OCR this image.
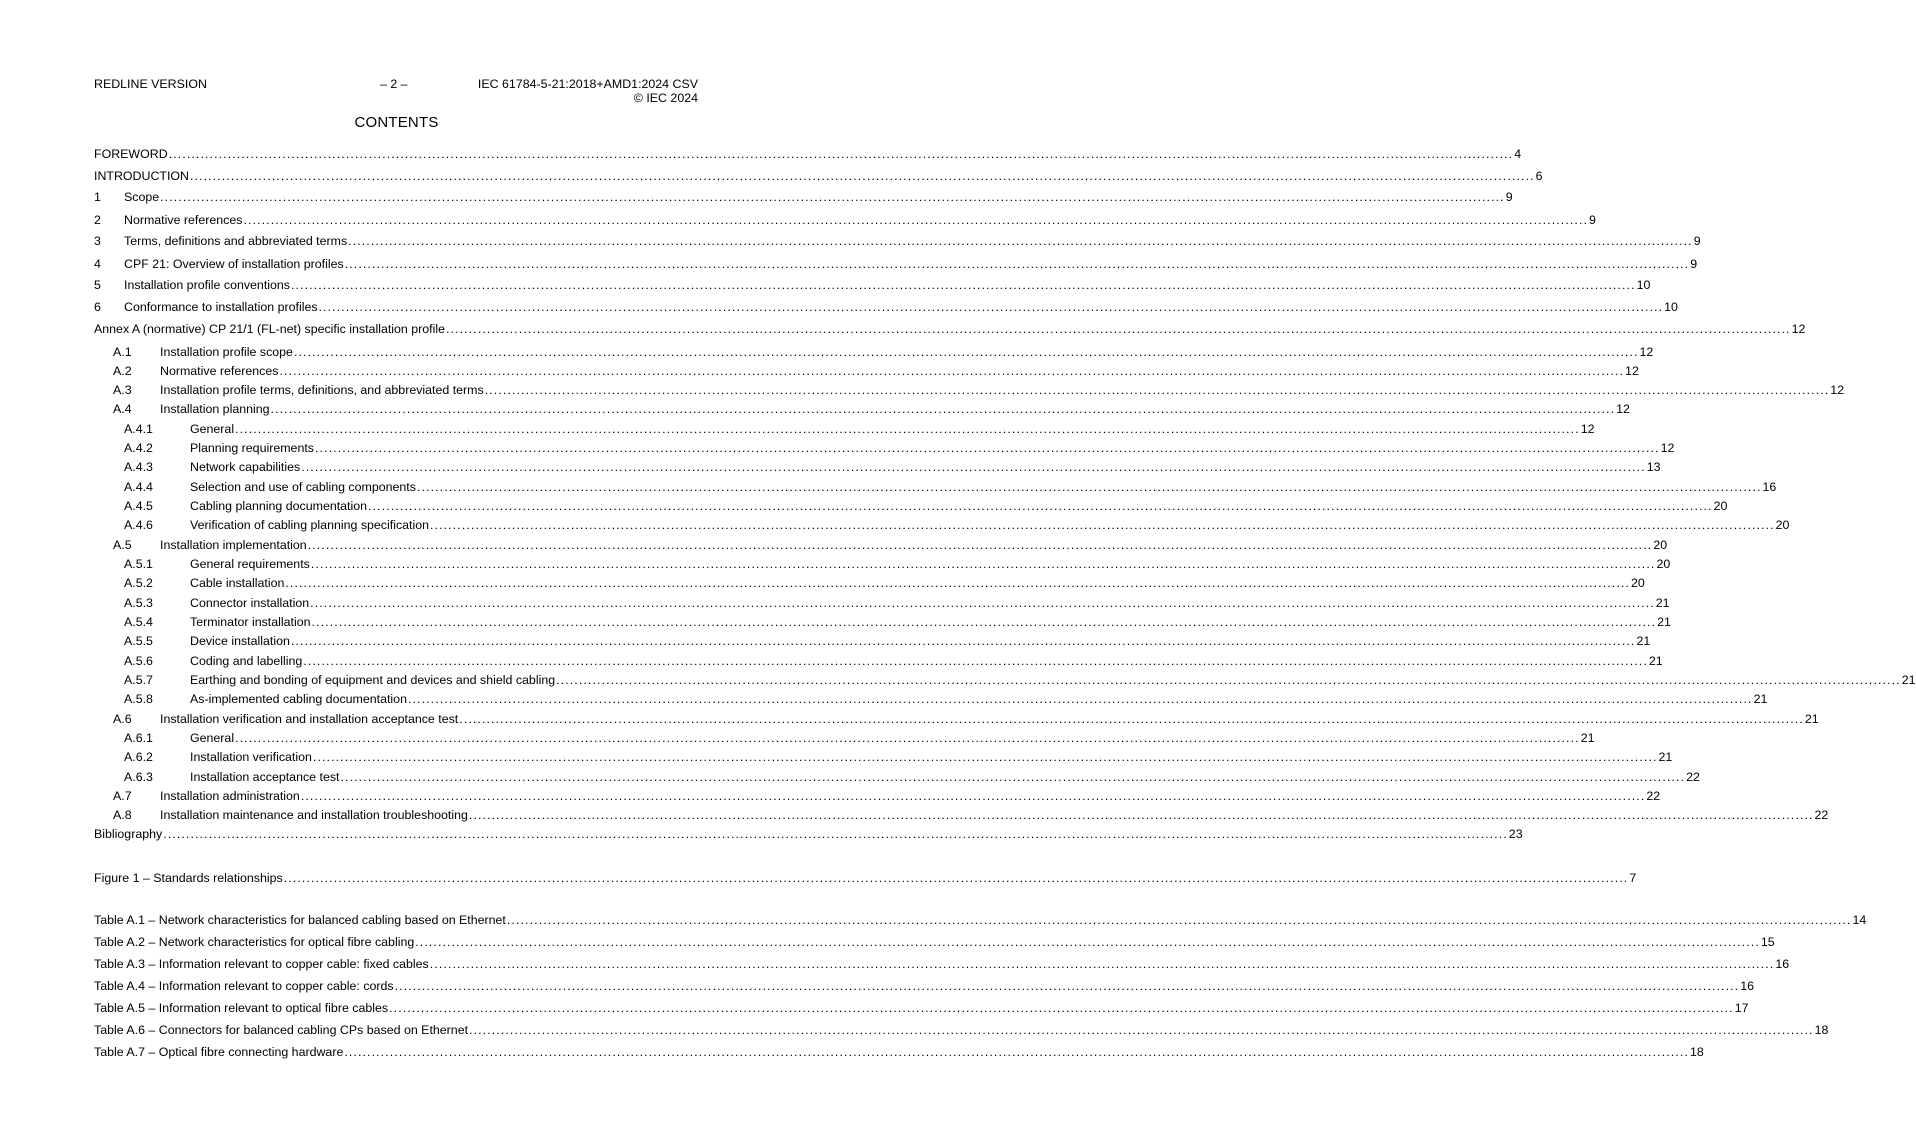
REDLINE VERSION	– 2 –	IEC 61784-5-21:2018+AMD1:2024 CSV
© IEC 2024
CONTENTS
FOREWORD .....	4
INTRODUCTION .....	6
1	Scope .....	9
2	Normative references .....	9
3	Terms, definitions and abbreviated terms .....	9
4	CPF 21: Overview of installation profiles .....	9
5	Installation profile conventions .....	10
6	Conformance to installation profiles .....	10
Annex A (normative) CP 21/1 (FL-net) specific installation profile .....	12
A.1	Installation profile scope .....	12
A.2	Normative references .....	12
A.3	Installation profile terms, definitions, and abbreviated terms .....	12
A.4	Installation planning .....	12
A.4.1	General .....	12
A.4.2	Planning requirements .....	12
A.4.3	Network capabilities .....	13
A.4.4	Selection and use of cabling components .....	16
A.4.5	Cabling planning documentation .....	20
A.4.6	Verification of cabling planning specification .....	20
A.5	Installation implementation .....	20
A.5.1	General requirements .....	20
A.5.2	Cable installation .....	20
A.5.3	Connector installation .....	21
A.5.4	Terminator installation .....	21
A.5.5	Device installation .....	21
A.5.6	Coding and labelling .....	21
A.5.7	Earthing and bonding of equipment and devices and shield cabling .....	21
A.5.8	As-implemented cabling documentation .....	21
A.6	Installation verification and installation acceptance test .....	21
A.6.1	General .....	21
A.6.2	Installation verification .....	21
A.6.3	Installation acceptance test .....	22
A.7	Installation administration .....	22
A.8	Installation maintenance and installation troubleshooting .....	22
Bibliography .....	23
Figure 1 – Standards relationships .....	7
Table A.1 – Network characteristics for balanced cabling based on Ethernet .....	14
Table A.2 – Network characteristics for optical fibre cabling .....	15
Table A.3 – Information relevant to copper cable: fixed cables .....	16
Table A.4 – Information relevant to copper cable: cords .....	16
Table A.5 – Information relevant to optical fibre cables .....	17
Table A.6 – Connectors for balanced cabling CPs based on Ethernet .....	18
Table A.7 – Optical fibre connecting hardware .....	18
